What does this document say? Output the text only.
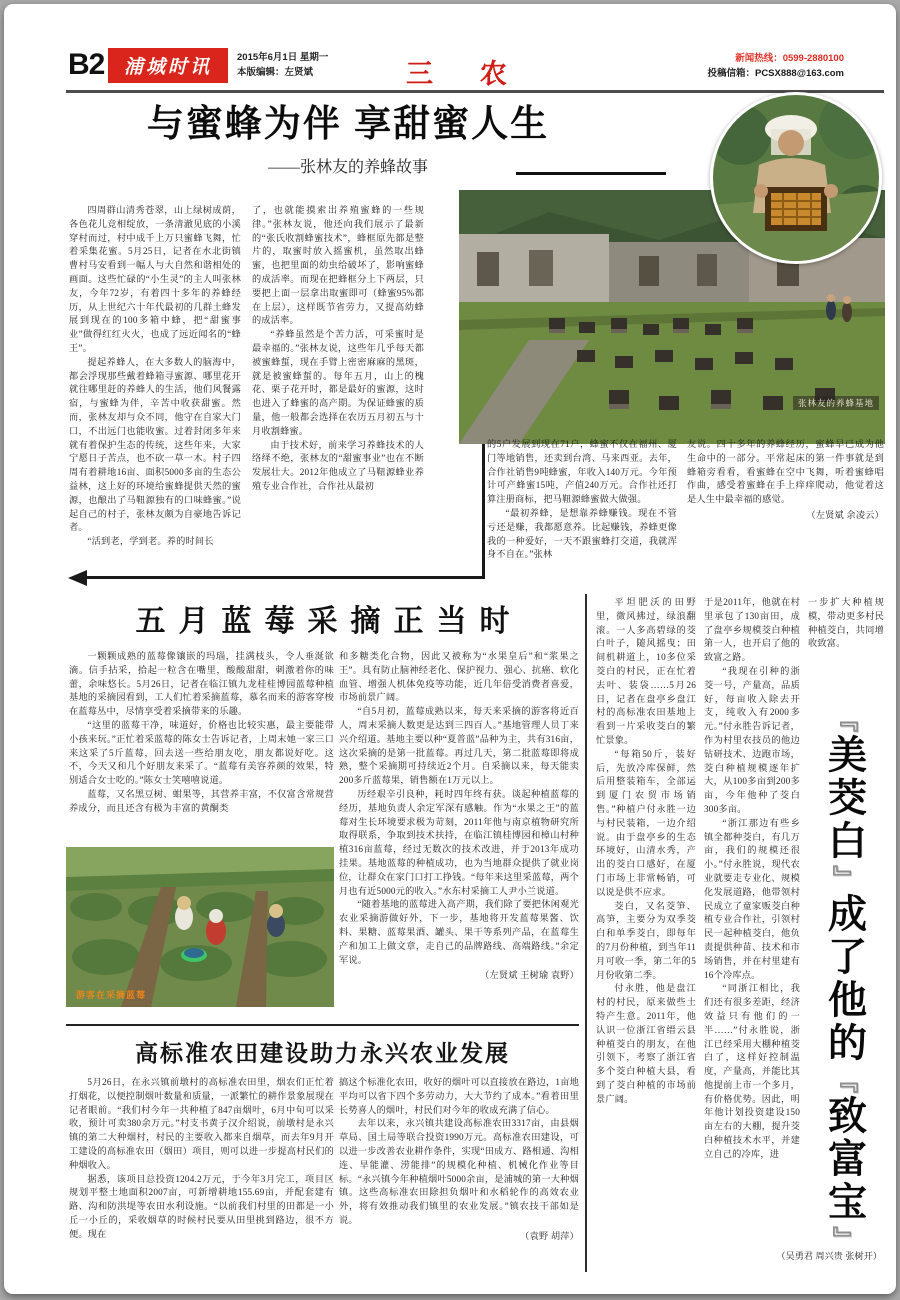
B2 浦城时讯	2015年6月1日 星期一
本版编辑：左贤斌	三 农
新闻热线：0599-2880100
投稿信箱：PCSX888@163.com
与蜜蜂为伴 享甜蜜人生
——张林友的养蜂故事
张林友的养蜂基地

四周群山清秀苍翠，山上绿树成荫，各色花儿竞相绽放，一条清澈见底的小溪穿村而过，村中成千上万只蜜蜂飞舞，忙着采集花蜜。5月25日，记者在水北街镇曹村马安看到一幅人与大自然和谐相处的画面。这些忙碌的“小生灵”的主人叫张林友，今年72岁，有着四十多年的养蜂经历，从上世纪六十年代最初的几群土蜂发展到现在的100多箱中蜂，把“甜蜜事业”做得红红火火，也成了远近闻名的“蜂王”。

提起养蜂人，在大多数人的脑海中，都会浮现那些戴着蜂箱寻蜜源、哪里花开就往哪里赶的养蜂人的生活，他们风餐露宿，与蜜蜂为伴，辛苦中收获甜蜜。然而，张林友却与众不同，他守在自家大门口，不出远门也能收蜜。过着封闭多年来就有着保护生态的传统，这些年来，大家宁愿日子苦点，也不砍一草一木。村子四周有着耕地16亩、面积5000多亩的生态公益林，这上好的环境给蜜蜂提供天然的蜜源，也酿出了马靵源独有的口味蜂蜜。”说起自己的村子，张林友颇为自豪地告诉记者。

“活到老，学到老。养的时间长

了，也就能摸索出养殖蜜蜂的一些规律。”张林友说，他还向我们展示了最新的“张氏收割蜂蜜技术”，蜂框原先都是整片的，取蜜时放入摇蜜机，虽然取出蜂蜜，也把里面的幼虫给破坏了，影响蜜蜂的成活率。而现在把蜂框分上下两层，只要把上面一层拿出取蜜即可（蜂蜜95%都在上层），这样既节省劳力，又提高幼蜂的成活率。

“养蜂虽然是个苦力活，可采蜜时是最幸福的。”张林友说，这些年几乎每天都被蜜蜂蜇，现在手臂上密密麻麻的黑斑，就是被蜜蜂蜇的。每年五月，山上的槐花、栗子花开时，都是最好的蜜源，这时也进入了蜂蜜的高产期。为保证蜂蜜的质量，他一般都会选择在农历五月初五与十月收割蜂蜜。

由于技术好，前来学习养蜂技术的人络绎不绝，张林友的“甜蜜事业”也在不断发展壮大。2012年他成立了马靵源蜂业养殖专业合作社，合作社从最初

的5户发展到现在71户，蜂蜜不仅在福州、厦门等地销售，还卖到台湾、马来西亚。去年，合作社销售9吨蜂蜜，年收入140万元。今年预计可产蜂蜜15吨，产值240万元。合作社还打算注册商标，把马靵源蜂蜜做大做强。

“最初养蜂，是想靠养蜂赚钱。现在不管亏还是赚，我都愿意养。比起赚钱，养蜂更像我的一种爱好，一天不跟蜜蜂打交道，我就浑身不自在。”张林

友说。四十多年的养蜂经历，蜜蜂早已成为他生命中的一部分。平常起床的第一件事就是到蜂箱旁看看，看蜜蜂在空中飞舞，听着蜜蜂唱作曲，感受着蜜蜂在手上痒痒爬动，他觉着这是人生中最幸福的感觉。

（左贤斌 余凌云）
五月蓝莓采摘正当时

一颗颗成熟的蓝莓像镶嵌的玛瑙，挂满枝头，令人垂涎欲滴。信手拈采，拾起一粒含在嘴里，酸酸甜甜，刺激着你的味蕾，余味悠长。5月26日，记者在临江镇九龙桂桂博园蓝莓种植基地的采摘园看到，工人们忙着采摘蓝莓，慕名而来的游客穿梭在蓝莓丛中，尽情享受着采摘带来的乐趣。

“这里的蓝莓干净，味道好，价格也比较实惠，最主要能带小孩来玩。”正忙着采蓝莓的陈女士告诉记者，上周末她一家三口来这采了5斤蓝莓，回去送一些给朋友吃，朋友都说好吃。这不，今天又和几个好朋友来采了。“蓝莓有美容养颜的效果，特别适合女士吃的。”陈女士笑嘻嘻说道。

蓝莓，又名黑豆树、蚶果等，其营养丰富，不仅富含常规营养成分，而且还含有极为丰富的黄酮类

游客在采摘蓝莓

和多糖类化合物，因此又被称为“水果皇后”和“浆果之王”。具有防止脑神经老化、保护视力、强心、抗癌、软化血管、增强人机体免疫等功能，近几年倍受消费者喜爱，市场前景广阔。

“自5月初，蓝莓成熟以来，每天来采摘的游客将近百人，周末采摘人数更是达到三四百人。”基地管理人员丁来兴介绍道。基地主要以种“夏普蓝”品种为主，共有316亩，这次采摘的是第一批蓝莓。再过几天，第二批蓝莓即将成熟，整个采摘期可持续近2个月。自采摘以来，每天能卖200多斤蓝莓果，销售额在1万元以上。

历经艰辛引良种，耗时四年终有获。谈起种植蓝莓的经历，基地负责人余定军深有感触。作为“水果之王”的蓝莓对生长环境要求极为苛刻，2011年他与南京植物研究所取得联系，争取到技术扶持，在临江镇桂博园和樟山村种植316亩蓝莓，经过无数次的技术改进，并于2013年成功挂果。基地蓝莓的种植成功，也为当地群众提供了就业岗位，让群众在家门口打工挣钱。“每年来这里采蓝莓，两个月也有近5000元的收入。”水东村采摘工人尹小兰说道。

“随着基地的蓝莓进入高产期，我们除了要把休闲观光农业采摘游做好外，下一步，基地将开发蓝莓果酱、饮料、果糖、蓝莓果酒、罐头、果干等系列产品，在蓝莓生产和加工上做文章，走自己的品牌路线、高端路线。”余定军说。

（左贤斌 王树瑜 袁野）
高标准农田建设助力永兴农业发展

5月26日，在永兴镇前墩村的高标准农田里，烟农们正忙着打烟花，以便控制烟叶数量和质量，一派繁忙的耕作景象展现在记者眼前。“我们村今年一共种植了847亩烟叶，6月中旬可以采收，预计可卖380余万元。”村支书黄子汉介绍说，前墩村是永兴镇的第二大种烟村，村民的主要收入都来自烟草，而去年9月开工建设的高标准农田（烟田）项目，则可以进一步提高村民们的种烟收入。

据悉，该项目总投资1204.2万元，于今年3月完工，项目区规划平整土地面积2007亩，可新增耕地155.69亩，并配套建有路、沟和防洪堤等农田水利设施。“以前我们村里的田都是一小丘一小丘的，采收烟草的时候村民要从田里挑到路边，很不方便。现在

搞这个标准化农田，收好的烟叶可以直接放在路边，1亩地平均可以省下四个多劳动力，大大节约了成本。”看着田里长势喜人的烟叶，村民们对今年的收成充满了信心。

去年以来，永兴镇共建设高标准农田3317亩，由县烟草局、国土局等联合投资1990万元。高标准农田建设，可以进一步改善农业耕作条件，实现“田成方、路相通、沟相连、旱能灌、涝能排”的规模化种植、机械化作业等目标。“永兴镇今年种植烟叶5000余亩，是浦城的第一大种烟镇。这些高标准农田除担负烟叶和水稻轮作的高效农业外，将有效推动我们镇里的农业发展。”镇农技干部如是说。

（袁野 胡萍）

平坦肥沃的田野里，微风拂过，绿浪翻滚。一人多高碧绿的茭白叶子，随风摇曳；田间机耕道上，10多位采茭白的村民，正在忙着去叶、装袋……5月26日，记者在盘亭乡盘江村的高标准农田基地上看到一片采收茭白的繁忙景象。

“每箱50斤，装好后，先放冷库保鲜，然后用整装箱车，全部运到厦门农贸市场销售。”种植户付永胜一边与村民装箱，一边介绍说。由于盘亭乡的生态环境好，山清水秀，产出的茭白口感好，在厦门市场上非常畅销，可以说是供不应求。

茭白，又名茭笋、高笋，主要分为双季茭白和单季茭白，即每年的7月份种植，到当年11月可收一季，第二年的5月份收第二季。

付永胜，他是盘江村的村民，原来做些土特产生意。2011年，他认识一位浙江省缙云县种植茭白的朋友，在他引领下，考察了浙江省多个茭白种植大县，看到了茭白种植的市场前景广阔。

于是2011年，他就在村里承包了130亩田，成了盘亭乡规模茭白种植第一人，也开启了他的致富之路。

“我现在引种的浙茭一号，产量高，品质好，每亩收入除去开支，纯收入有2000多元。”付永胜告诉记者，作为村里农技员的他边钻研技术、边跑市场，茭白种植规模逐年扩大，从100多亩到200多亩，今年他种了茭白300多亩。

“浙江那边有些乡镇全都种茭白，有几万亩，我们的规模还很小。”付永胜说，现代农业就要走专业化、规模化发展道路，他带领村民成立了童家贩茭白种植专业合作社，引领村民一起种植茭白，他负责提供种苗、技术和市场销售，并在村里建有16个冷库点。

“同浙江相比，我们还有很多差距，经济效益只有他们的一半……”付永胜说，浙江已经采用大棚种植茭白了，这样好控制温度，产量高，并能比其他提前上市一个多月，有价格优势。因此，明年他计划投资建设150亩左右的大棚，提升茭白种植技术水平，并建立自己的冷库，进

一步扩大种植规模，带动更多村民种植茭白，共同增收致富。

『
美茭白
』
成了他的
『
致富宝
』
（吴勇君 周兴贵 张树开）
